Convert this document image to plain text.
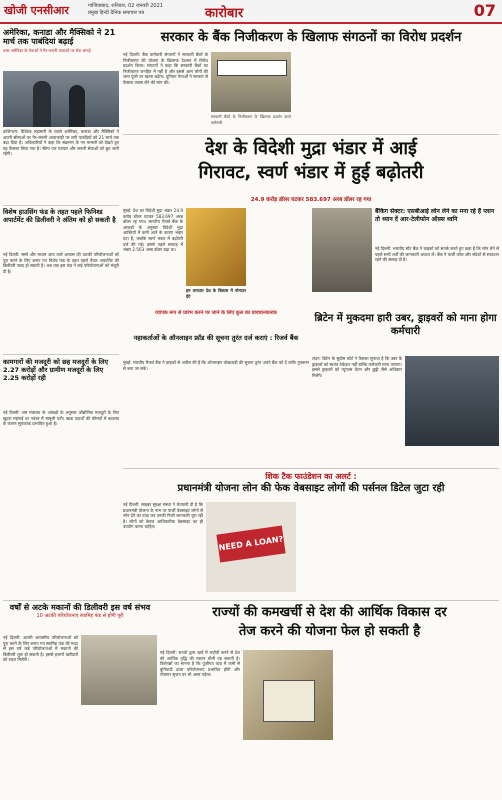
खोजी एनसीआर	गाजियाबाद, शनिवार, 02 जनवरी 2021
प्रमुख हिन्दी दैनिक समाचार पत्र	कारोबार	07
अमेरिका, कनाडा और मैक्सिको ने 21 मार्च तक पाबंदियां बढ़ाई
उत्तर अमेरिका के नेताओं ने गैर-जरूरी यात्राओं पर रोक लगाई
वाशिंगटन: वैश्विक महामारी के चलते अमेरिका, कनाडा और मैक्सिको ने अपनी सीमाओं पर गैर-जरूरी आवाजाही पर लगी पाबंदियों को 21 मार्च तक बढ़ा दिया है। अधिकारियों ने कहा कि संक्रमण के नए मामलों को देखते हुए यह फैसला लिया गया है। सीमा पार व्यापार और जरूरी सेवाओं को छूट जारी रहेगी।
विशेष हाउसिंग फंड के तहत पहले फिनिश्ड अपार्टमेंट की डिलीवरी ने अंतिम को हो सकती है
नई दिल्ली: सस्ते और मध्यम आय वाले आवास की अटकी परियोजनाओं को पूरा करने के लिए बनाए गए विशेष फंड के तहत पहले तैयार अपार्टमेंट की डिलीवरी जल्द हो सकती है। अब तक इस फंड ने कई परियोजनाओं को मंजूरी दी है।
कामगारों की मजदूरी को छह मजदूरों के लिए 2.27 करोड़ों और ग्रामीण मजदूरों के लिए 2.25 करोड़ों रही
नई दिल्ली: श्रम मंत्रालय के आंकड़ों के अनुसार औद्योगिक मजदूरों के लिए खुदरा महंगाई दर नवंबर में मामूली घटी। खाद्य पदार्थों की कीमतों में बदलाव के कारण सूचकांक प्रभावित हुआ है।
सरकार के बैंक निजीकरण के खिलाफ संगठनों का विरोध प्रदर्शन
नई दिल्ली: बैंक कर्मचारी संगठनों ने सरकारी बैंकों के निजीकरण की योजना के खिलाफ देशभर में विरोध प्रदर्शन किया। संगठनों ने कहा कि सरकारी बैंकों का निजीकरण जनहित में नहीं है और इससे आम लोगों की जमा पूंजी पर खतरा बढ़ेगा। यूनियन नेताओं ने सरकार से फैसला वापस लेने की मांग की।
सरकारी बैंकों के निजीकरण के खिलाफ प्रदर्शन करते कर्मचारी
देश के विदेशी मुद्रा भंडार में आई
गिरावट, स्वर्ण भंडार में हुई बढ़ोतरी
24.9 करोड़ डॉलर घटकर 583.697 अरब डॉलर रह गया
मुंबई: देश का विदेशी मुद्रा भंडार 24.9 करोड़ डॉलर घटकर 583.697 अरब डॉलर रह गया। भारतीय रिजर्व बैंक के आंकड़ों के अनुसार विदेशी मुद्रा आस्तियों में कमी आने के कारण भंडार घटा है, जबकि स्वर्ण भंडार में बढ़ोतरी दर्ज की गई। इससे पहले सप्ताह में भंडार 2.563 अरब डॉलर बढ़ा था।
हम लगातार देश के विकास में योगदान देंगे
व्यापक रूप से प्रारंभ करने पर जाने के लिए कुल का प्रावधानकारक
नहाकर्ताओं के ऑनलाइन फ्रॉड की सूचना तुरंत दर्ज कराएं : रिजर्व बैंक
मुंबई: भारतीय रिजर्व बैंक ने ग्राहकों से अपील की है कि ऑनलाइन धोखाधड़ी की सूचना तुरंत अपने बैंक को दें ताकि नुकसान से बचा जा सके।
ब्रिटेन में मुकदमा हारी उबर, ड्राइवरों को माना होगा कर्मचारी
लंदन: ब्रिटेन के सुप्रीम कोर्ट ने फैसला सुनाया है कि उबर के ड्राइवरों को स्वतंत्र ठेकेदार नहीं बल्कि कर्मचारी माना जाएगा। इससे ड्राइवरों को न्यूनतम वेतन और छुट्टी जैसे अधिकार मिलेंगे।
बैंकिंग सेक्टर: एसबीआई लोन लेने का मना रहे हैं प्लान तो ध्यान दें आर-टेलीफोन ऑफ़्स ध्वनि
नई दिल्ली: भारतीय स्टेट बैंक ने ग्राहकों को सतर्क करते हुए कहा है कि लोन लेने से पहले सभी शर्तों की जानकारी अवश्य लें। बैंक ने फर्जी कॉल और संदेशों से सावधान रहने की सलाह दी है।
शिक टैक फाउंडेशन का अलर्ट :
प्रधानमंत्री योजना लोन की फेक वेबसाइट लोगों की पर्सनल डिटेल जुटा रही
नई दिल्ली: साइबर सुरक्षा संस्था ने चेतावनी दी है कि प्रधानमंत्री योजना के नाम पर फर्जी वेबसाइट लोगों से लोन देने का वादा कर उनकी निजी जानकारी चुरा रही है। लोगों को केवल आधिकारिक वेबसाइट का ही उपयोग करना चाहिए।
NEED A LOAN?
वर्षों से अटके मकानों की डिलीवरी इस वर्ष संभव
10 अटकी परियोजनाएं स्वामिह फंड से होंगी पूरी
नई दिल्ली: अटकी आवासीय परियोजनाओं को पूरा करने के लिए बनाए गए स्वामिह फंड की मदद से इस वर्ष कई परियोजनाओं में मकानों की डिलीवरी शुरू हो सकती है। इससे हजारों खरीदारों को राहत मिलेगी।
राज्यों की कमखर्ची से देश की आर्थिक विकास दर
तेज करने की योजना फेल हो सकती है
नई दिल्ली: राज्यों द्वारा खर्च में कटौती करने से देश की आर्थिक वृद्धि की रफ्तार धीमी पड़ सकती है। विशेषज्ञों का मानना है कि पूंजीगत व्यय में कमी से बुनियादी ढांचा परियोजनाएं प्रभावित होंगी और रोजगार सृजन पर भी असर पड़ेगा।
